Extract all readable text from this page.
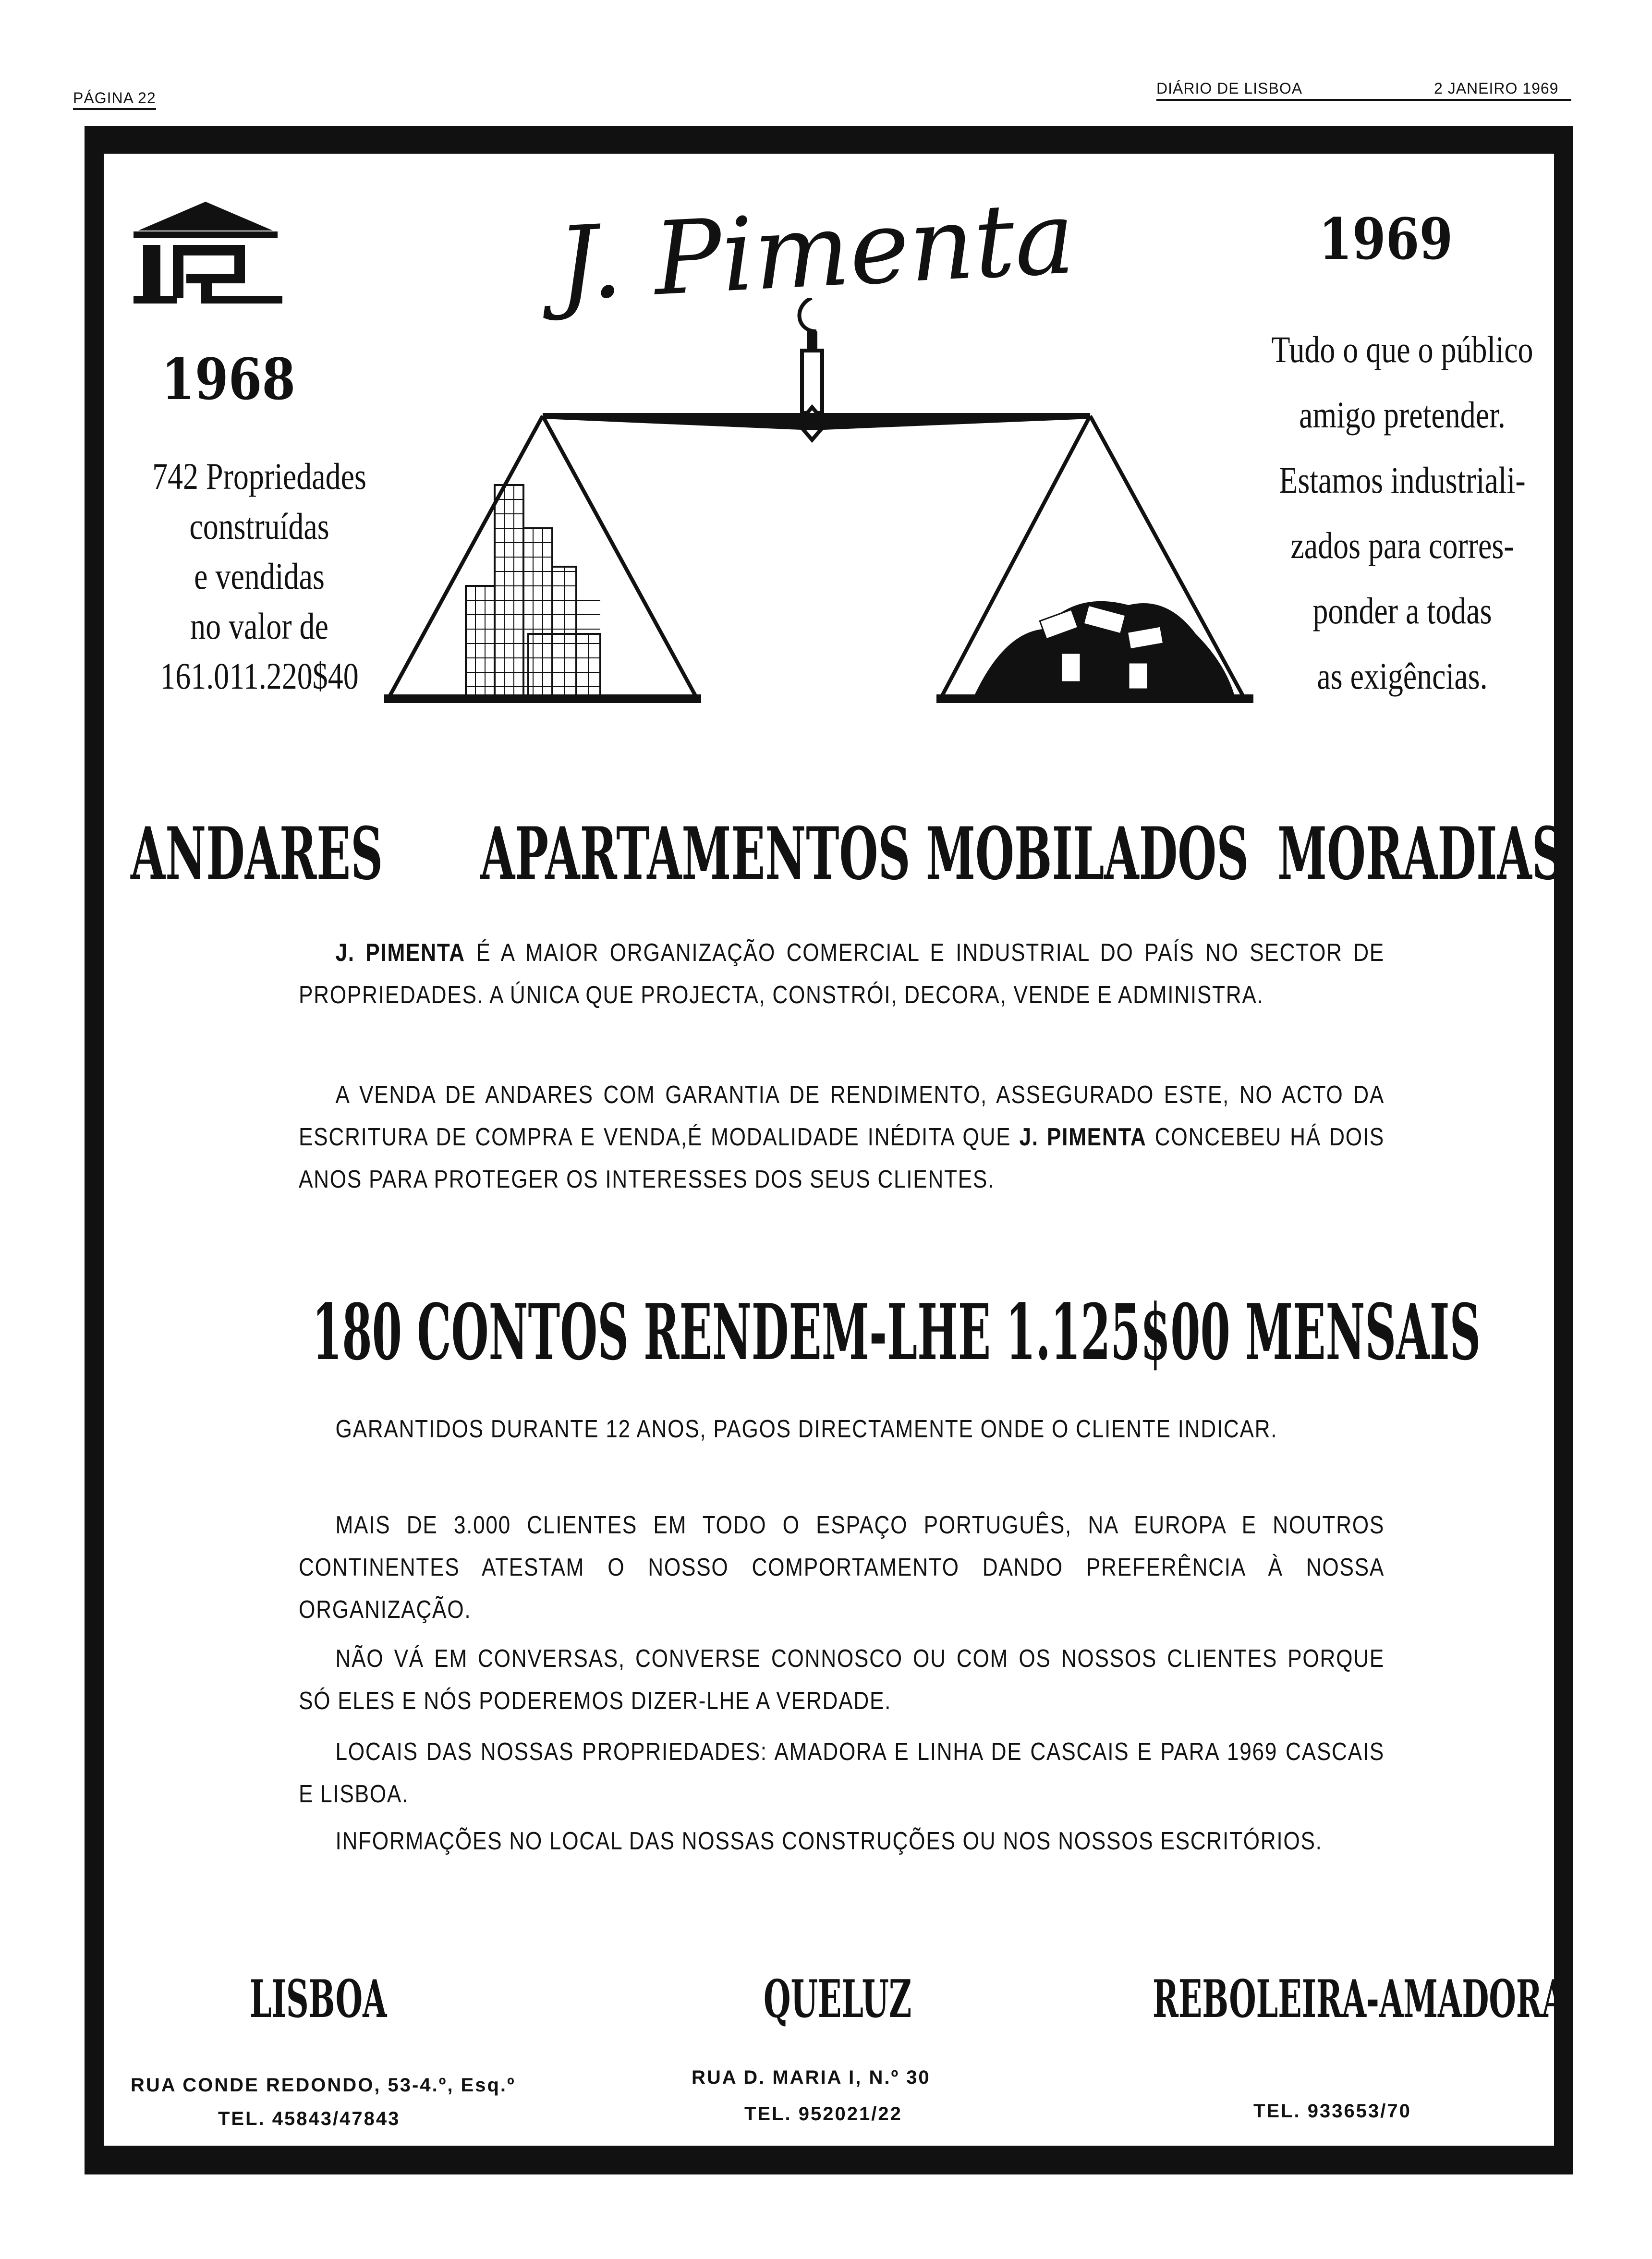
PÁGINA 22
DIÁRIO DE LISBOA	2 JANEIRO 1969
1968
742 Propriedades
construídas
e vendidas
no valor de
161.011.220$40
J. Pimenta	1969
Tudo o que o público
amigo pretender.
Estamos industriali-
zados para corres-
ponder a todas
as exigências.
ANDARES APARTAMENTOS MOBILADOS MORADIAS
J. PIMENTA É A MAIOR ORGANIZAÇÃO COMERCIAL E INDUSTRIAL DO PAÍS NO SECTOR DE PROPRIEDADES. A ÚNICA QUE PROJECTA, CONSTRÓI, DECORA, VENDE E ADMINISTRA.
A VENDA DE ANDARES COM GARANTIA DE RENDIMENTO, ASSEGURADO ESTE, NO ACTO DA ESCRITURA DE COMPRA E VENDA,É MODALIDADE INÉDITA QUE J. PIMENTA CONCEBEU HÁ DOIS ANOS PARA PROTEGER OS INTERESSES DOS SEUS CLIENTES.
180 CONTOS RENDEM-LHE 1.125$00 MENSAIS
GARANTIDOS DURANTE 12 ANOS, PAGOS DIRECTAMENTE ONDE O CLIENTE INDICAR.
MAIS DE 3.000 CLIENTES EM TODO O ESPAÇO PORTUGUÊS, NA EUROPA E NOUTROS CONTINENTES ATESTAM O NOSSO COMPORTAMENTO DANDO PREFERÊNCIA À NOSSA ORGANIZAÇÃO.
NÃO VÁ EM CONVERSAS, CONVERSE CONNOSCO OU COM OS NOSSOS CLIENTES PORQUE SÓ ELES E NÓS PODEREMOS DIZER-LHE A VERDADE.
LOCAIS DAS NOSSAS PROPRIEDADES: AMADORA E LINHA DE CASCAIS E PARA 1969 CASCAIS E LISBOA.
INFORMAÇÕES NO LOCAL DAS NOSSAS CONSTRUÇÕES OU NOS NOSSOS ESCRITÓRIOS.
LISBOA	QUELUZ	REBOLEIRA-AMADORA
RUA CONDE REDONDO, 53-4.º, Esq.º
TEL. 45843/47843
RUA D. MARIA I, N.º 30
TEL. 952021/22	TEL. 933653/70
